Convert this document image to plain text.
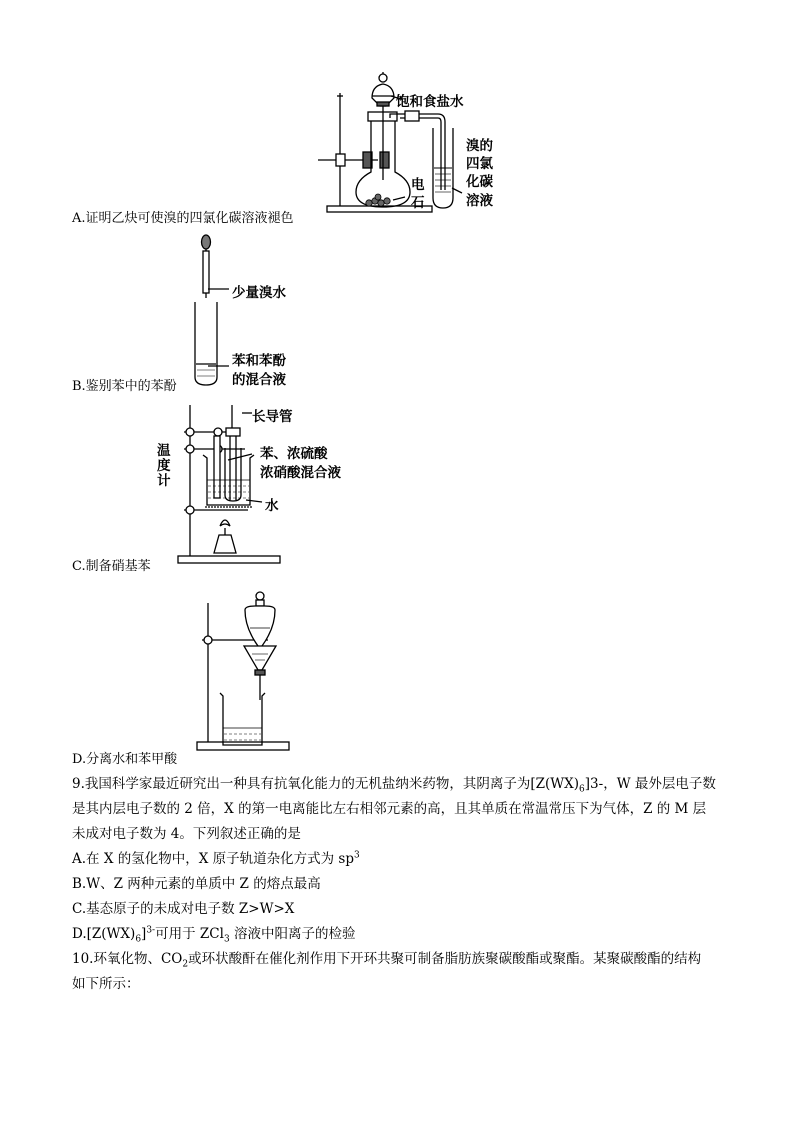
饱和食盐水
溴的
四氯
化碳
溶液
电
石
A.证明乙炔可使溴的四氯化碳溶液褪色
少量溴水
苯和苯酚
的混合液
B.鉴别苯中的苯酚
长导管
温
度
计
苯、浓硫酸
浓硝酸混合液
水
C.制备硝基苯
D.分离水和苯甲酸
9.我国科学家最近研究出一种具有抗氧化能力的无机盐纳米药物，其阴离子为$[Z(WX)_6]3-$，W 最外层电子数
是其内层电子数的 2 倍，X 的第一电离能比左右相邻元素的高，且其单质在常温常压下为气体，Z 的 M 层
未成对电子数为 4。下列叙述正确的是
A.在 X 的氢化物中，X 原子轨道杂化方式为 $sp^3$
B.W、Z 两种元素的单质中 Z 的熔点最高
C.基态原子的未成对电子数 Z>W>X
$D.[Z(WX)_6]^{3-}$可用于 ZCl$_3$ 溶液中阳离子的检验
10.环氧化物、$CO_2$或环状酸酐在催化剂作用下开环共聚可制备脂肪族聚碳酸酯或聚酯。某聚碳酸酯的结构
如下所示：
